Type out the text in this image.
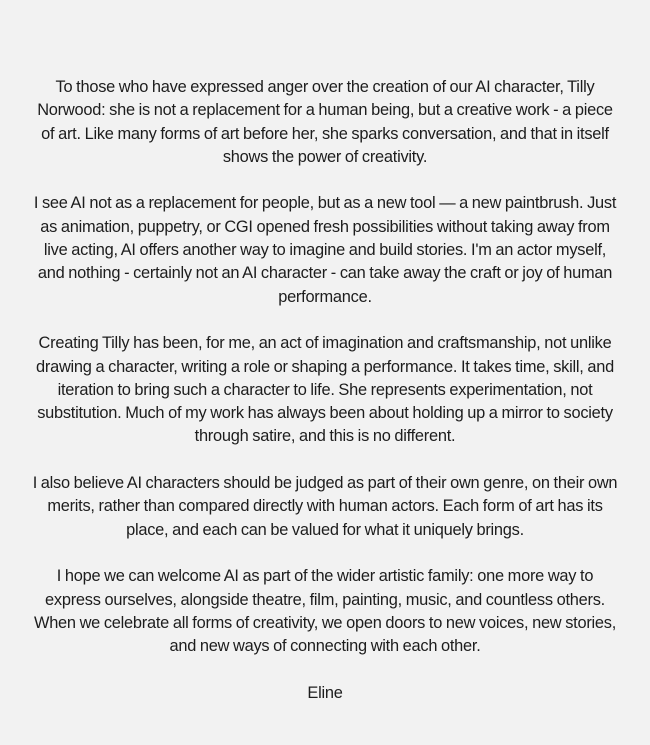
To those who have expressed anger over the creation of our AI character, Tilly Norwood: she is not a replacement for a human being, but a creative work - a piece of art. Like many forms of art before her, she sparks conversation, and that in itself shows the power of creativity.

I see AI not as a replacement for people, but as a new tool — a new paintbrush. Just as animation, puppetry, or CGI opened fresh possibilities without taking away from live acting, AI offers another way to imagine and build stories. I'm an actor myself, and nothing - certainly not an AI character - can take away the craft or joy of human performance.

Creating Tilly has been, for me, an act of imagination and craftsmanship, not unlike drawing a character, writing a role or shaping a performance. It takes time, skill, and iteration to bring such a character to life. She represents experimentation, not substitution. Much of my work has always been about holding up a mirror to society through satire, and this is no different.

I also believe AI characters should be judged as part of their own genre, on their own merits, rather than compared directly with human actors. Each form of art has its place, and each can be valued for what it uniquely brings.

I hope we can welcome AI as part of the wider artistic family: one more way to express ourselves, alongside theatre, film, painting, music, and countless others. When we celebrate all forms of creativity, we open doors to new voices, new stories, and new ways of connecting with each other.

Eline
